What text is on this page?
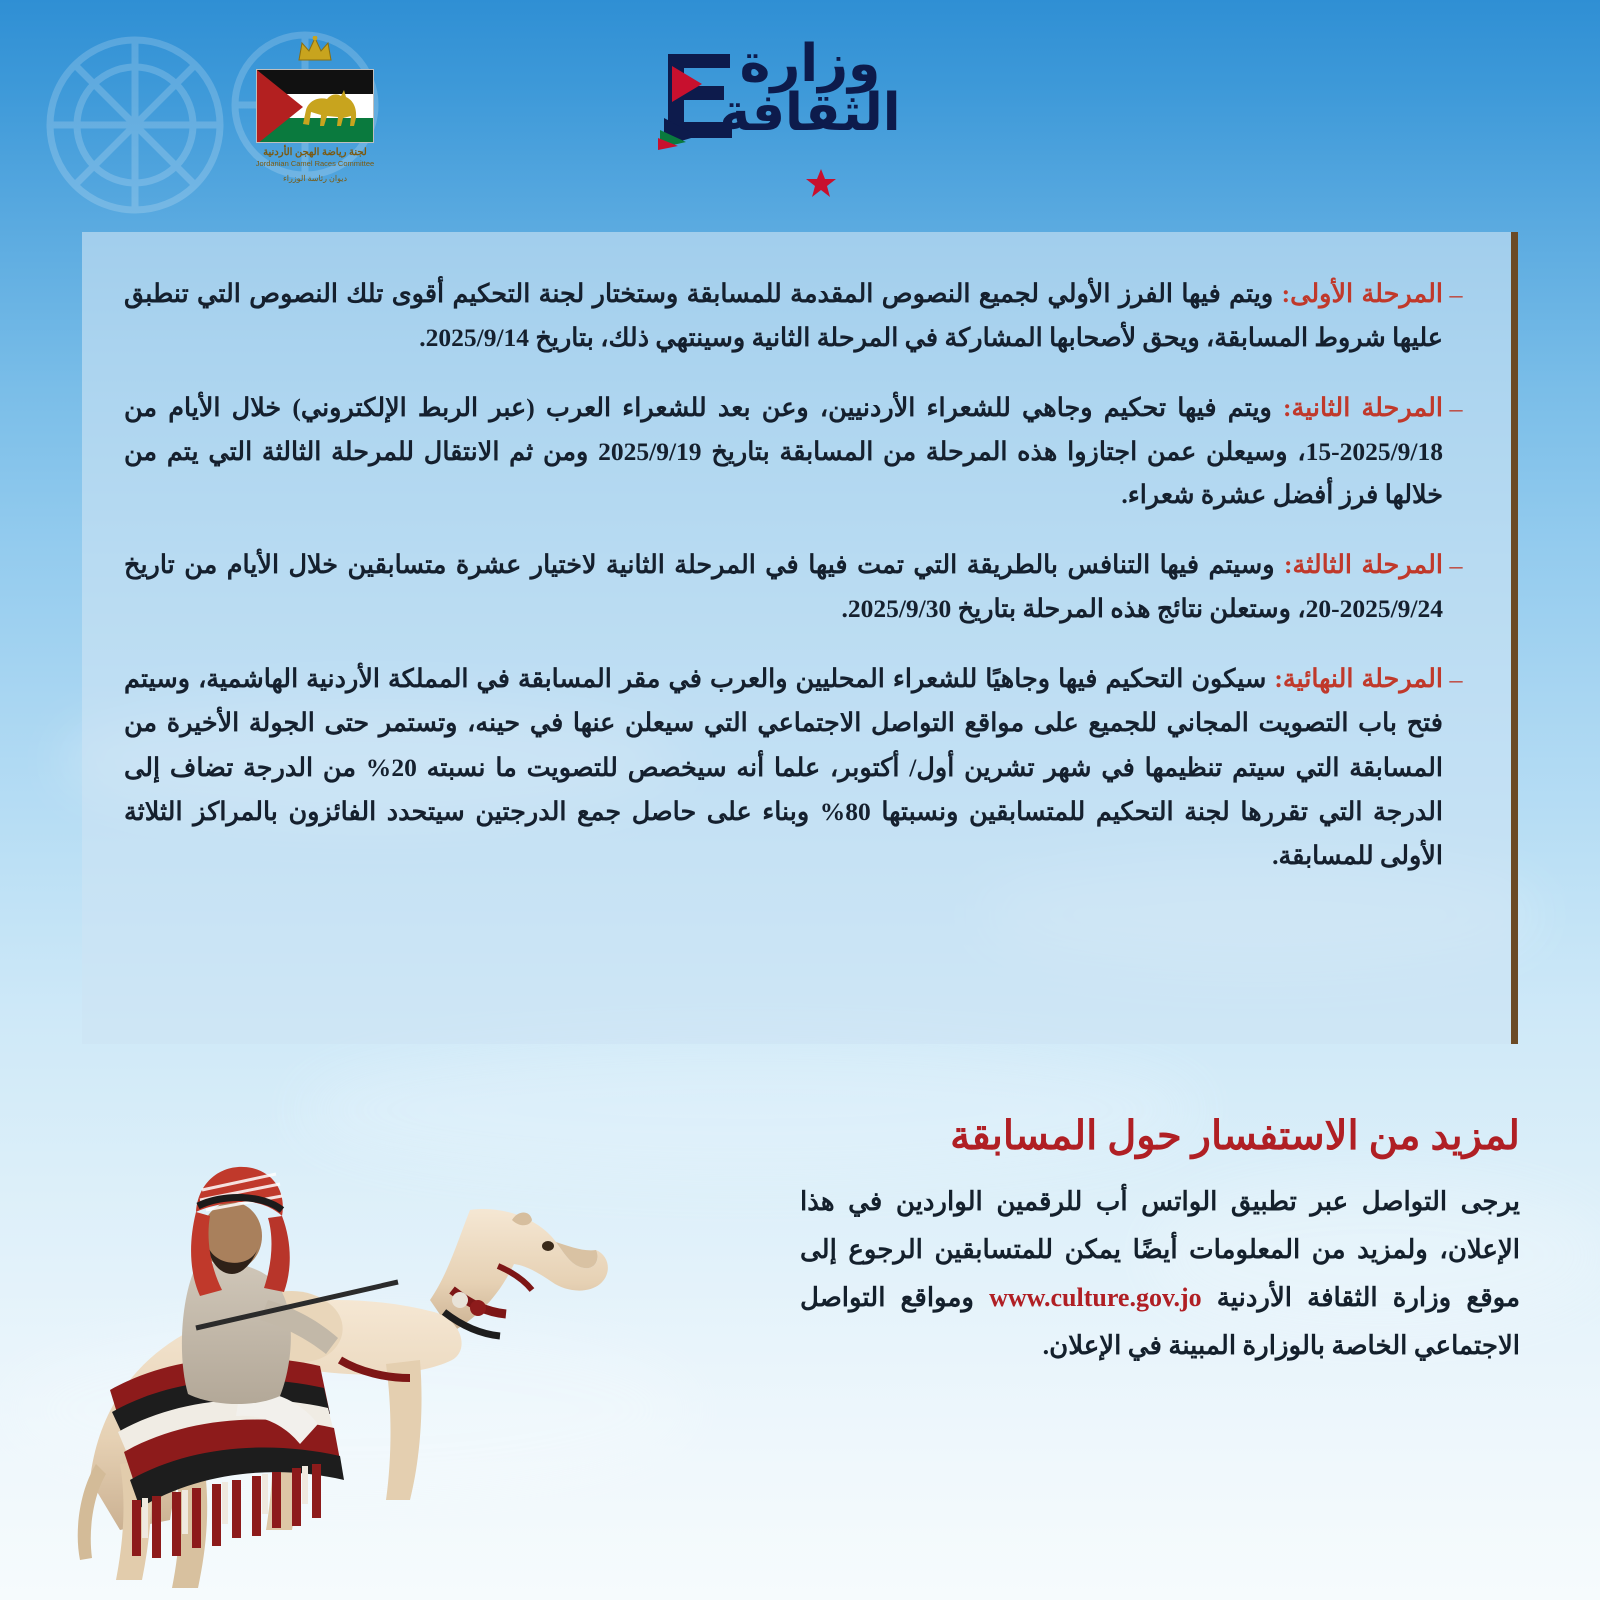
لجنة رياضة الهجن الأردنية
Jordanian Camel Races Committee
ديوان رئاسة الوزراء
وزارة
الثقافة
–
المرحلة الأولى: ويتم فيها الفرز الأولي لجميع النصوص المقدمة للمسابقة وستختار لجنة التحكيم أقوى تلك النصوص التي تنطبق عليها شروط المسابقة، ويحق لأصحابها المشاركة في المرحلة الثانية وسينتهي ذلك، بتاريخ 2025/9/14.
–
المرحلة الثانية: ويتم فيها تحكيم وجاهي للشعراء الأردنيين، وعن بعد للشعراء العرب (عبر الربط الإلكتروني) خلال الأيام من 2025/9/18-15، وسيعلن عمن اجتازوا هذه المرحلة من المسابقة بتاريخ 2025/9/19 ومن ثم الانتقال للمرحلة الثالثة التي يتم من خلالها فرز أفضل عشرة شعراء.
–
المرحلة الثالثة: وسيتم فيها التنافس بالطريقة التي تمت فيها في المرحلة الثانية لاختيار عشرة متسابقين خلال الأيام من تاريخ 2025/9/24-20، وستعلن نتائج هذه المرحلة بتاريخ 2025/9/30.
–
المرحلة النهائية: سيكون التحكيم فيها وجاهيًا للشعراء المحليين والعرب في مقر المسابقة في المملكة الأردنية الهاشمية، وسيتم فتح باب التصويت المجاني للجميع على مواقع التواصل الاجتماعي التي سيعلن عنها في حينه، وتستمر حتى الجولة الأخيرة من المسابقة التي سيتم تنظيمها في شهر تشرين أول/ أكتوبر، علما أنه سيخصص للتصويت ما نسبته 20% من الدرجة تضاف إلى الدرجة التي تقررها لجنة التحكيم للمتسابقين ونسبتها 80% وبناء على حاصل جمع الدرجتين سيتحدد الفائزون بالمراكز الثلاثة الأولى للمسابقة.
لمزيد من الاستفسار حول المسابقة

يرجى التواصل عبر تطبيق الواتس أب للرقمين الواردين في هذا الإعلان، ولمزيد من المعلومات أيضًا يمكن للمتسابقين الرجوع إلى موقع وزارة الثقافة الأردنية www.culture.gov.jo ومواقع التواصل الاجتماعي الخاصة بالوزارة المبينة في الإعلان.
